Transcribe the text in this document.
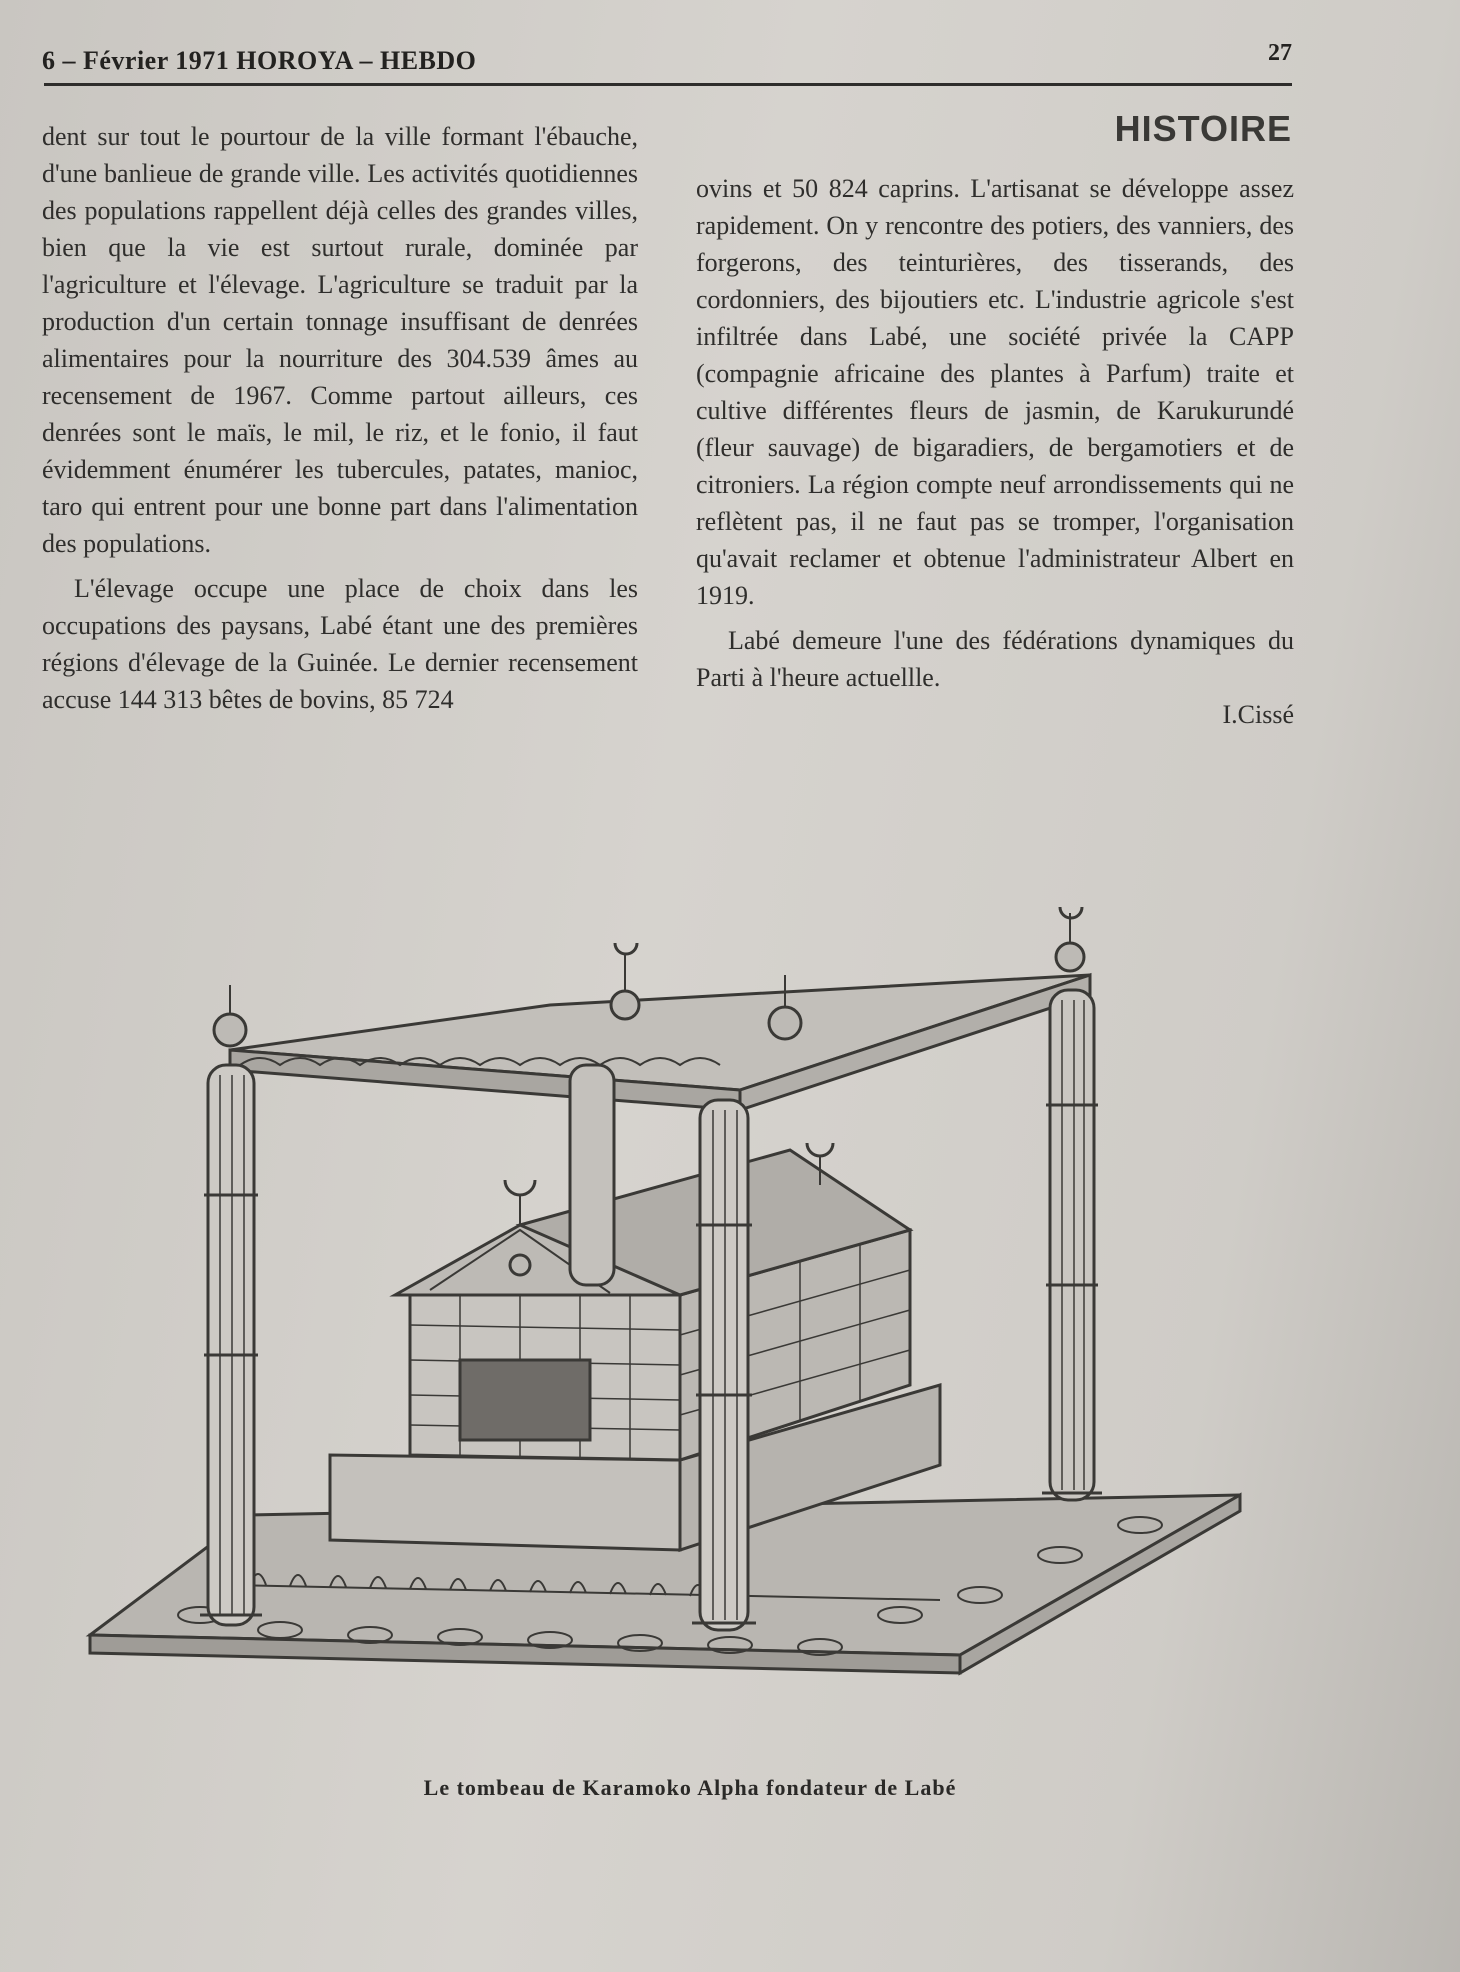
6 – Février 1971 HOROYA – HEBDO	27
HISTOIRE

dent sur tout le pourtour de la ville formant l'ébauche, d'une banlieue de grande ville. Les activités quotidiennes des populations rappellent déjà celles des grandes villes, bien que la vie est surtout rurale, dominée par l'agriculture et l'élevage. L'agriculture se traduit par la production d'un certain tonnage insuffisant de denrées alimentaires pour la nourriture des 304.539 âmes au recensement de 1967. Comme partout ailleurs, ces denrées sont le maïs, le mil, le riz, et le fonio, il faut évidemment énumérer les tubercules, patates, manioc, taro qui entrent pour une bonne part dans l'alimentation des populations.

L'élevage occupe une place de choix dans les occupations des paysans, Labé étant une des premières régions d'élevage de la Guinée. Le dernier recensement accuse 144 313 bêtes de bovins, 85 724

ovins et 50 824 caprins. L'artisanat se développe assez rapidement. On y rencontre des potiers, des vanniers, des forgerons, des teinturières, des tisserands, des cordonniers, des bijoutiers etc. L'industrie agricole s'est infiltrée dans Labé, une société privée la CAPP (compagnie africaine des plantes à Parfum) traite et cultive différentes fleurs de jasmin, de Karukurundé (fleur sauvage) de bigaradiers, de bergamotiers et de citroniers. La région compte neuf arrondissements qui ne reflètent pas, il ne faut pas se tromper, l'organisation qu'avait reclamer et obtenue l'administrateur Albert en 1919.

Labé demeure l'une des fédérations dynamiques du Parti à l'heure actuellle.

I.Cissé

Le tombeau de Karamoko Alpha fondateur de Labé
